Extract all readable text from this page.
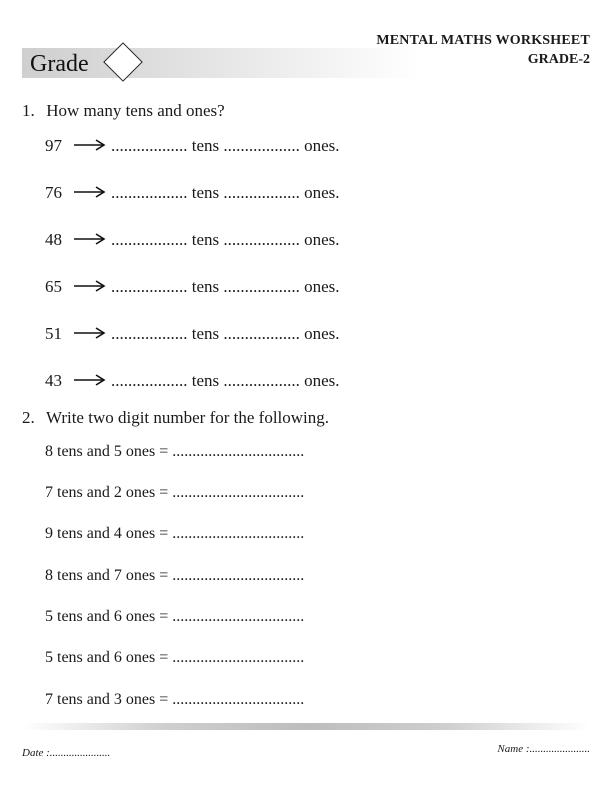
Grade
MENTAL MATHS WORKSHEET
GRADE-2
1. How many tens and ones?
97	.................. tens .................. ones.
76	.................. tens .................. ones.
48	.................. tens .................. ones.
65	.................. tens .................. ones.
51	.................. tens .................. ones.
43	.................. tens .................. ones.
2. Write two digit number for the following.
8 tens and 5 ones = .................................
7 tens and 2 ones = .................................
9 tens and 4 ones = .................................
8 tens and 7 ones = .................................
5 tens and 6 ones = .................................
5 tens and 6 ones = .................................
7 tens and 3 ones = .................................
Date :......................	Name :......................
